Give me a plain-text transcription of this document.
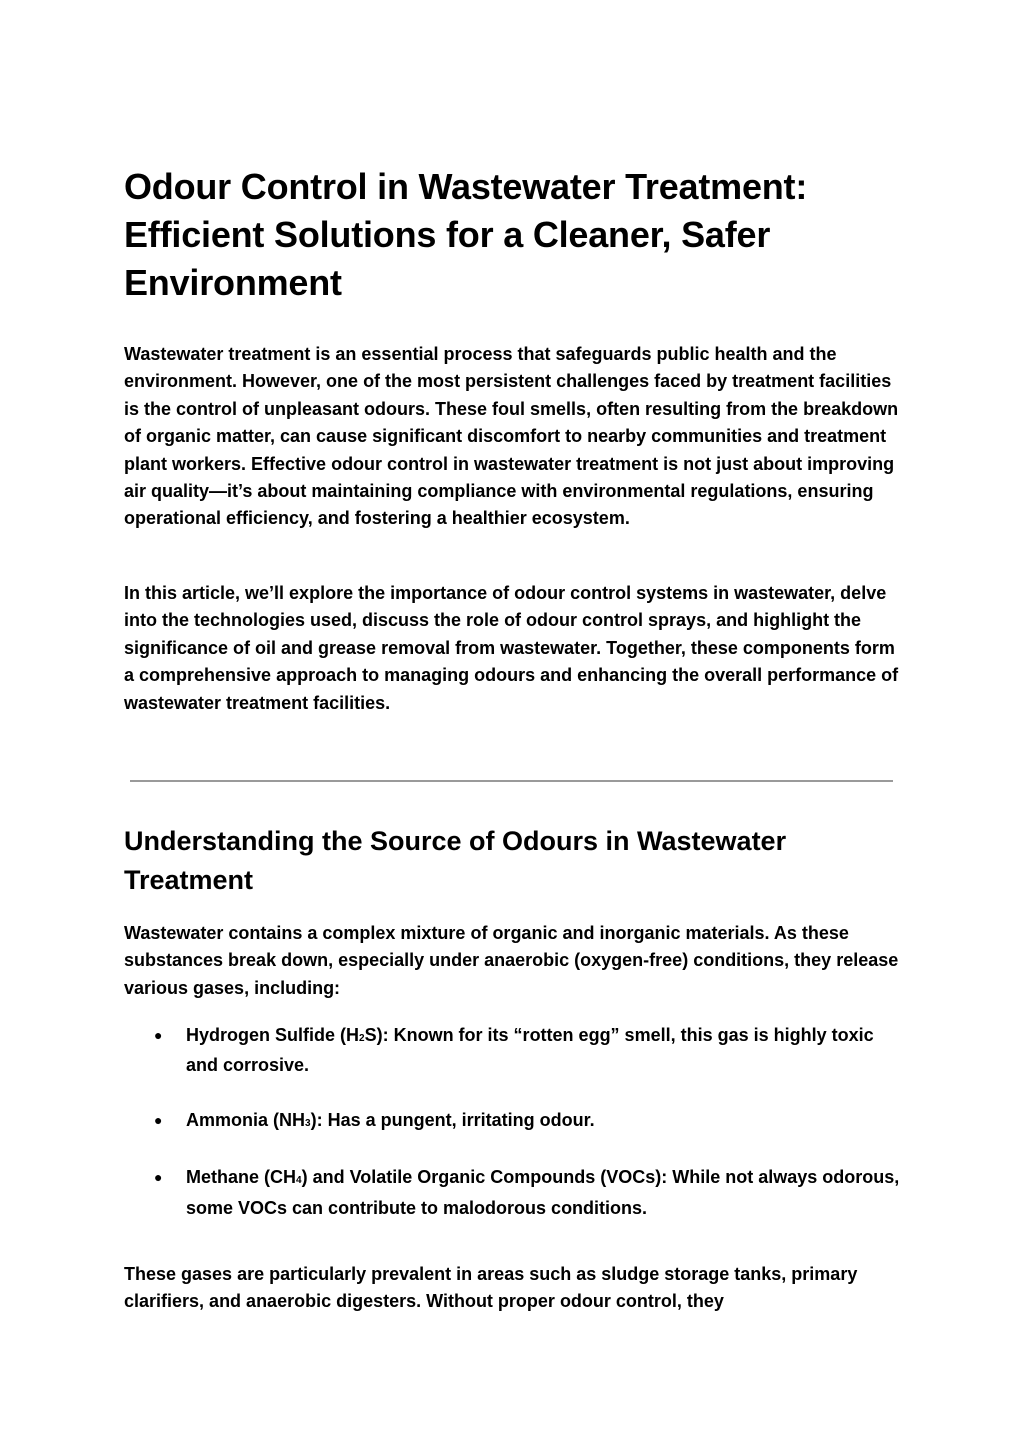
Odour Control in Wastewater Treatment: Efficient Solutions for a Cleaner, Safer Environment

Wastewater treatment is an essential process that safeguards public health and the environment. However, one of the most persistent challenges faced by treatment facilities is the control of unpleasant odours. These foul smells, often resulting from the breakdown of organic matter, can cause significant discomfort to nearby communities and treatment plant workers. Effective odour control in wastewater treatment is not just about improving air quality—it’s about maintaining compliance with environmental regulations, ensuring operational efficiency, and fostering a healthier ecosystem.

In this article, we’ll explore the importance of odour control systems in wastewater, delve into the technologies used, discuss the role of odour control sprays, and highlight the significance of oil and grease removal from wastewater. Together, these components form a comprehensive approach to managing odours and enhancing the overall performance of wastewater treatment facilities.

Understanding the Source of Odours in Wastewater Treatment

Wastewater contains a complex mixture of organic and inorganic materials. As these substances break down, especially under anaerobic (oxygen-free) conditions, they release various gases, including:

● Hydrogen Sulfide (H2S): Known for its “rotten egg” smell, this gas is highly toxic and corrosive.
● Ammonia (NH3): Has a pungent, irritating odour.
● Methane (CH4) and Volatile Organic Compounds (VOCs): While not always odorous, some VOCs can contribute to malodorous conditions.

These gases are particularly prevalent in areas such as sludge storage tanks, primary clarifiers, and anaerobic digesters. Without proper odour control, they
